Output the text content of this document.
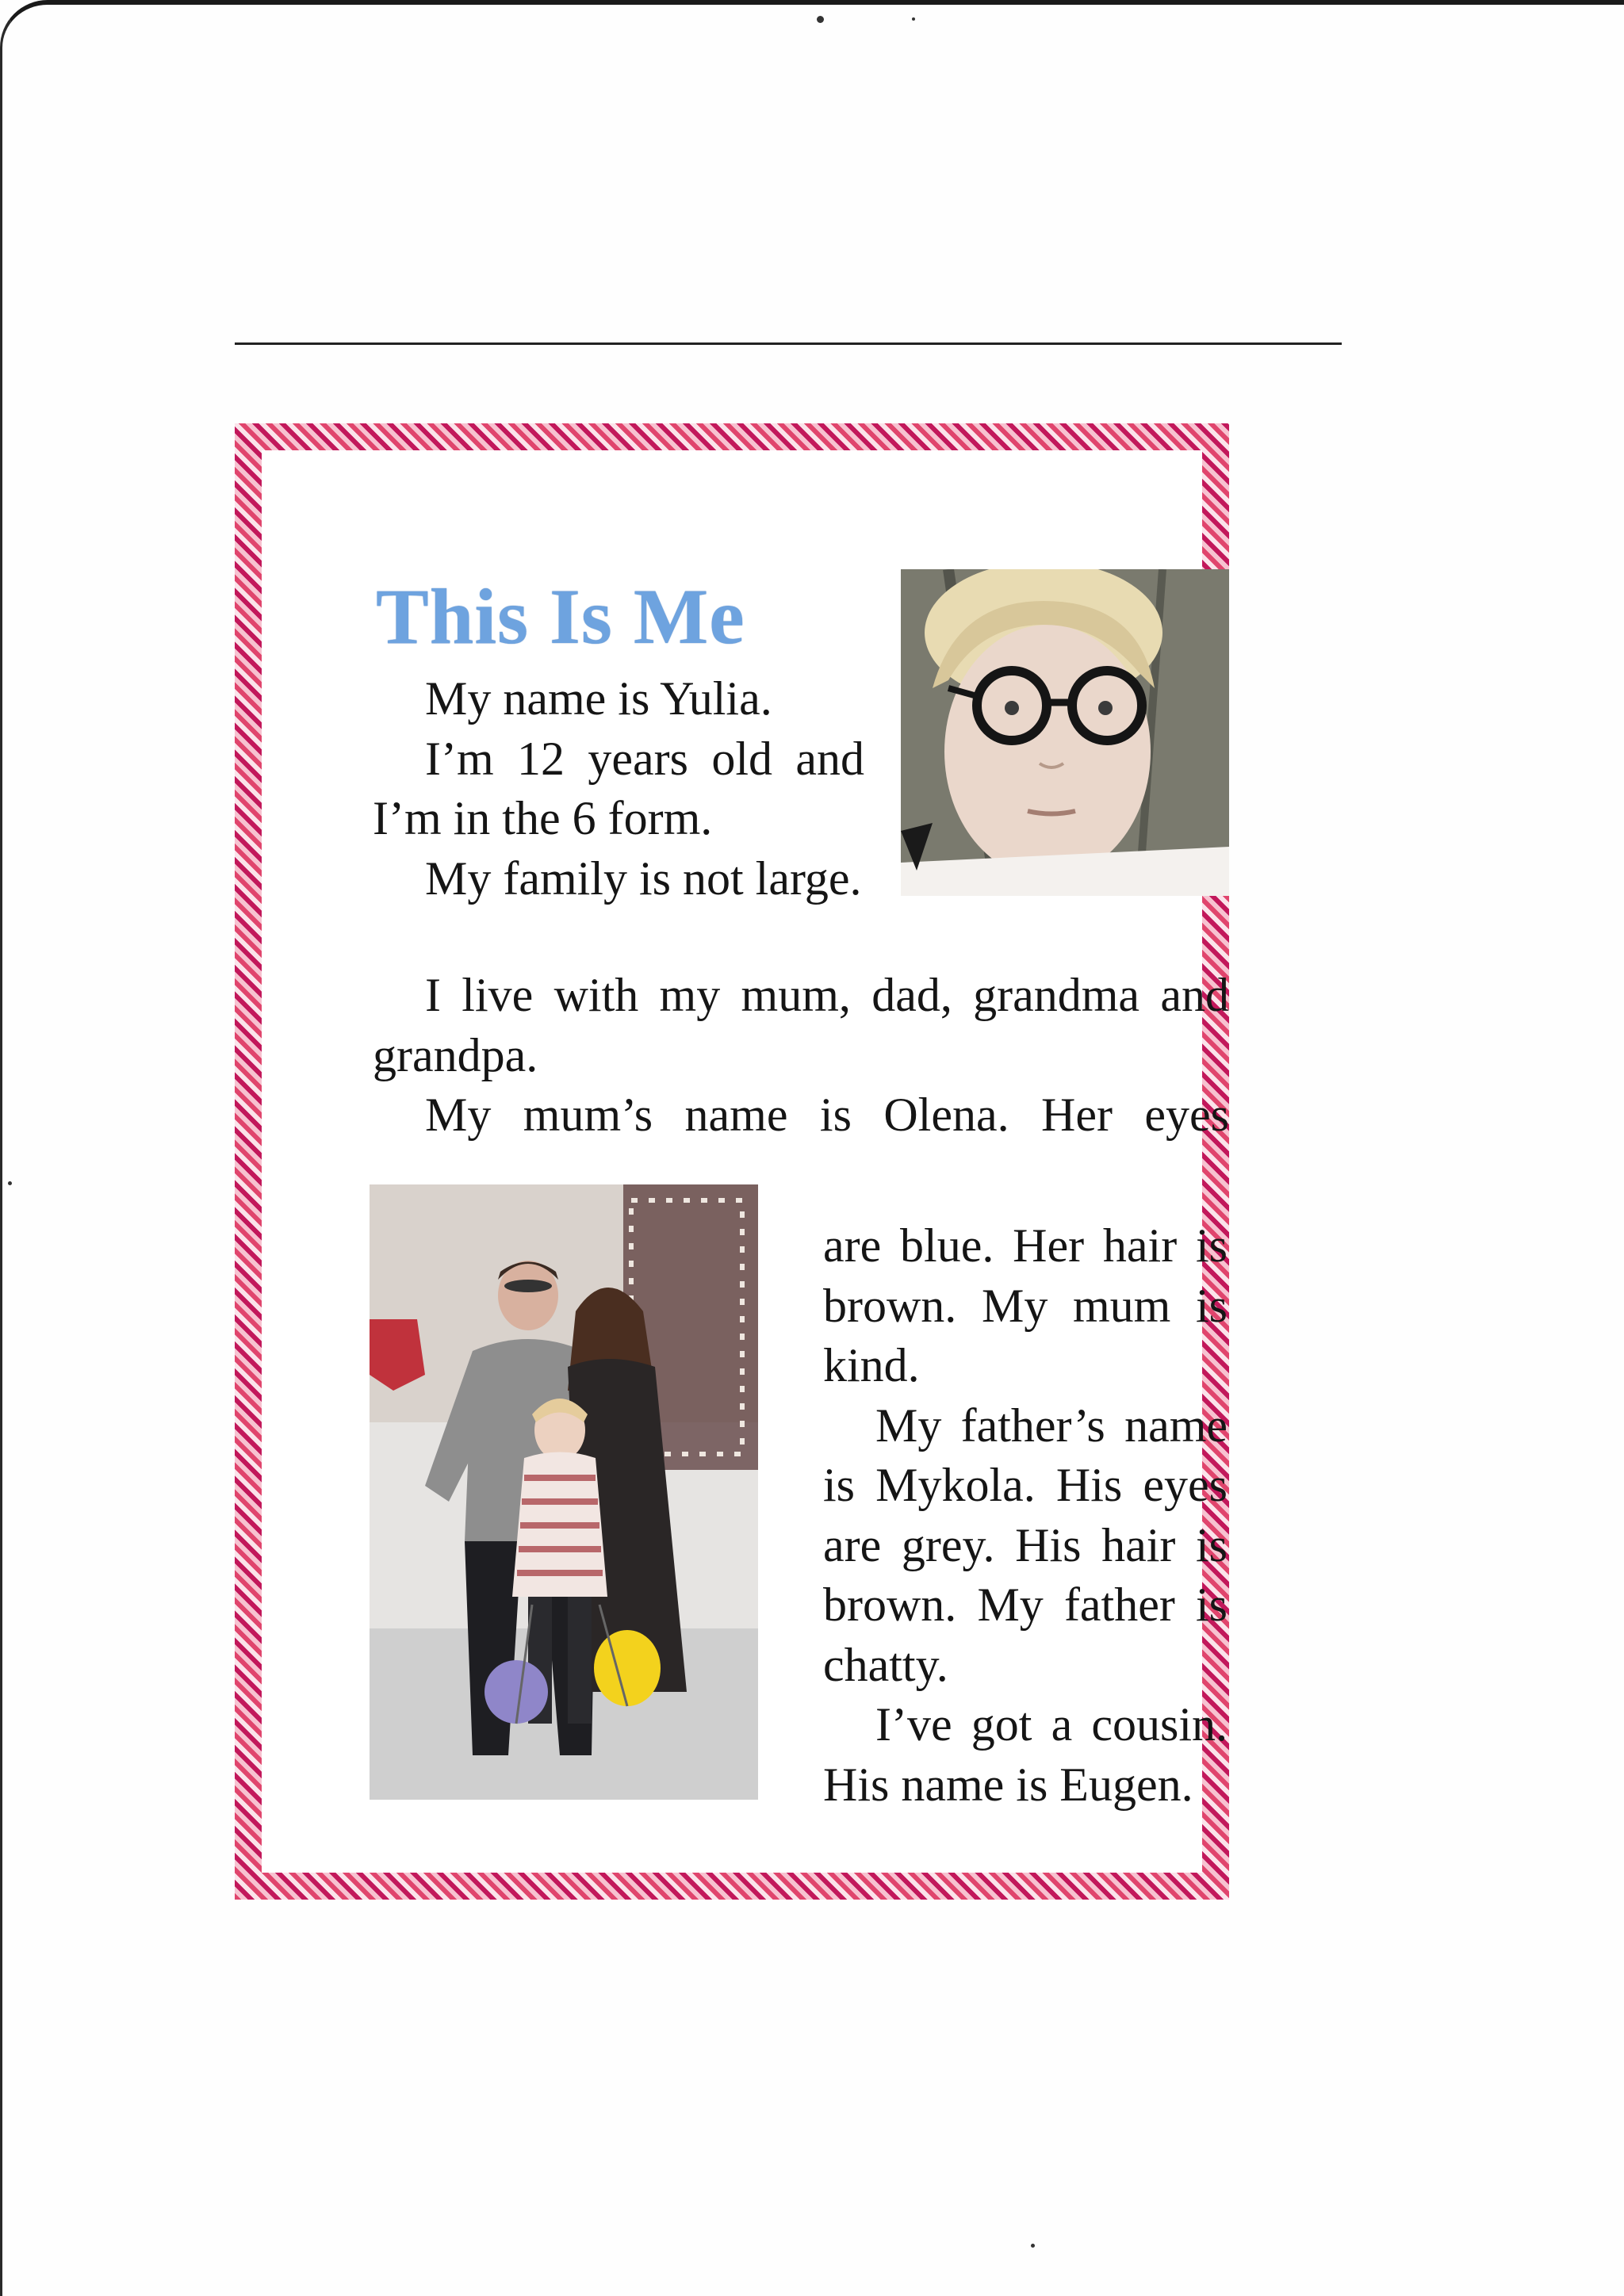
This Is Me

My name is Yulia.

I’m 12 years old and I’m in the 6 form.

My family is not large.

I live with my mum, dad, grandma and grandpa.

My mum’s name is Olena. Her eyes

are blue. Her hair is brown. My mum is kind.

My father’s name is Mykola. His eyes are grey. His hair is brown. My father is chatty.

I’ve got a cousin. His name is Eugen.
